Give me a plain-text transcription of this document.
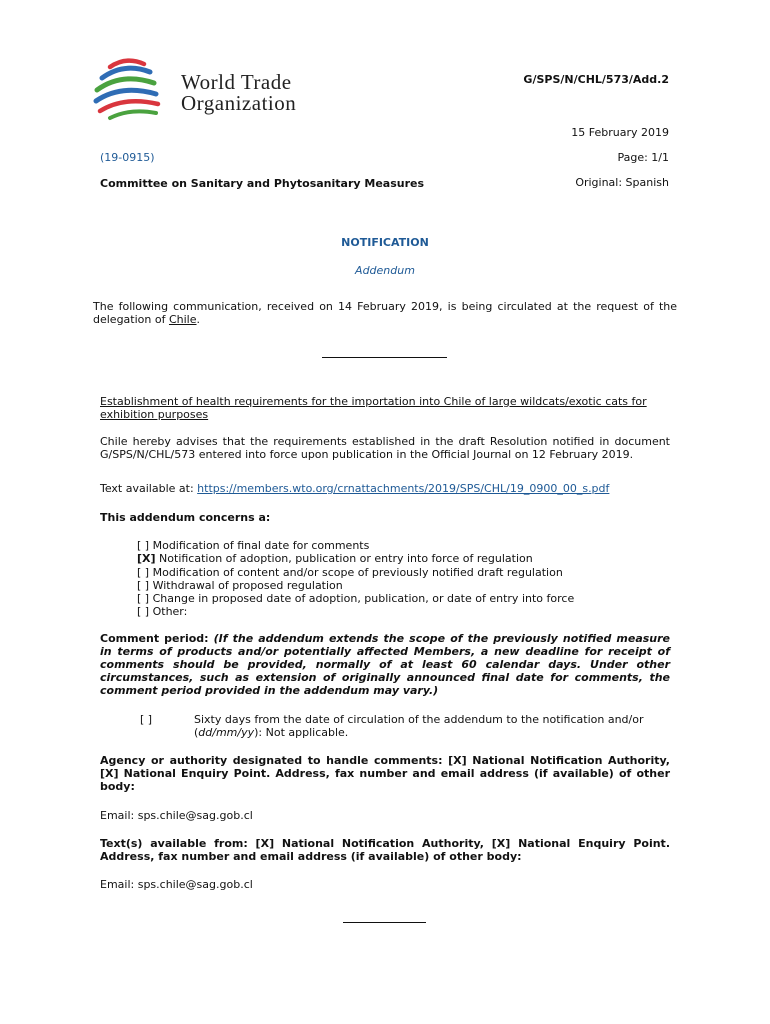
World Trade
Organization
G/SPS/N/CHL/573/Add.2
15 February 2019
(19-0915)	Page: 1/1
Committee on Sanitary and Phytosanitary Measures	Original: Spanish
NOTIFICATION
Addendum
The following communication, received on 14 February 2019, is being circulated at the request of the delegation of Chile.
Establishment of health requirements for the importation into Chile of large wildcats/exotic cats for exhibition purposes
Chile hereby advises that the requirements established in the draft Resolution notified in document G/SPS/N/CHL/573 entered into force upon publication in the Official Journal on 12 February 2019.
Text available at: https://members.wto.org/crnattachments/2019/SPS/CHL/19_0900_00_s.pdf
This addendum concerns a:
[ ] Modification of final date for comments
[X] Notification of adoption, publication or entry into force of regulation
[ ] Modification of content and/or scope of previously notified draft regulation
[ ] Withdrawal of proposed regulation
[ ] Change in proposed date of adoption, publication, or date of entry into force
[ ] Other:
Comment period: (If the addendum extends the scope of the previously notified measure in terms of products and/or potentially affected Members, a new deadline for receipt of comments should be provided, normally of at least 60 calendar days. Under other circumstances, such as extension of originally announced final date for comments, the comment period provided in the addendum may vary.)
[ ]	Sixty days from the date of circulation of the addendum to the notification and/or
(dd/mm/yy): Not applicable.
Agency or authority designated to handle comments: [X] National Notification Authority, [X] National Enquiry Point. Address, fax number and email address (if available) of other body:
Email: sps.chile@sag.gob.cl
Text(s) available from: [X] National Notification Authority, [X] National Enquiry Point. Address, fax number and email address (if available) of other body:
Email: sps.chile@sag.gob.cl
